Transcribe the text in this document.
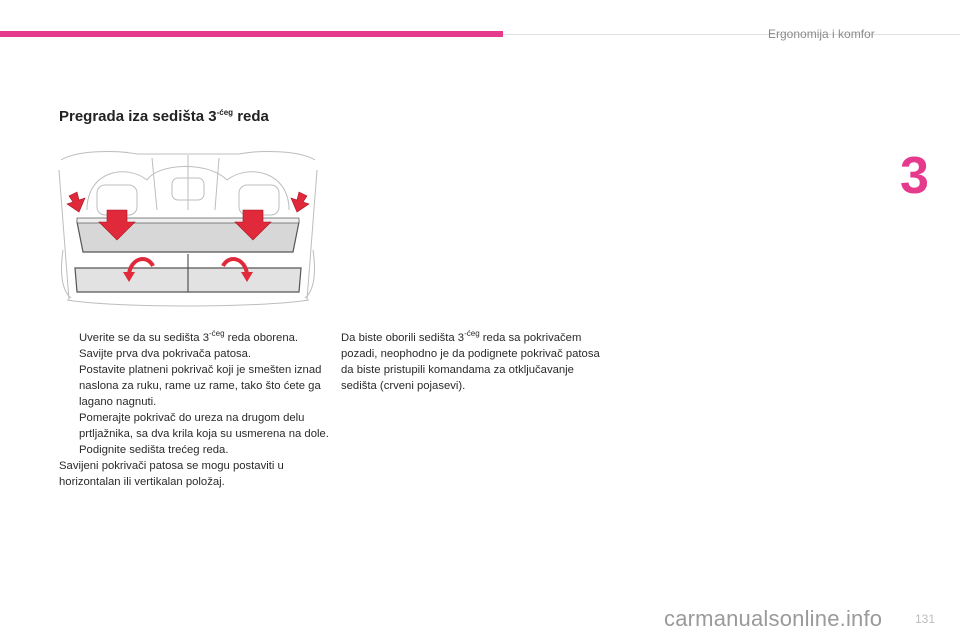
Ergonomija i komfor
3
Pregrada iza sedišta $3^{-ćeg}$ reda
Uverite se da su sedišta $3^{-ćeg}$ reda oborena.
Savijte prva dva pokrivača patosa.
Postavite platneni pokrivač koji je smešten iznad naslona za ruku, rame uz rame, tako što ćete ga lagano nagnuti.
Pomerajte pokrivač do ureza na drugom delu prtljažnika, sa dva krila koja su usmerena na dole.
Podignite sedišta trećeg reda.

Savijeni pokrivači patosa se mogu postaviti u horizontalan ili vertikalan položaj.

Da biste oborili sedišta $3^{-ćeg}$ reda sa pokrivačem pozadi, neophodno je da podignete pokrivač patosa da biste pristupili komandama za otključavanje sedišta (crveni pojasevi).

carmanualsonline.info	131
